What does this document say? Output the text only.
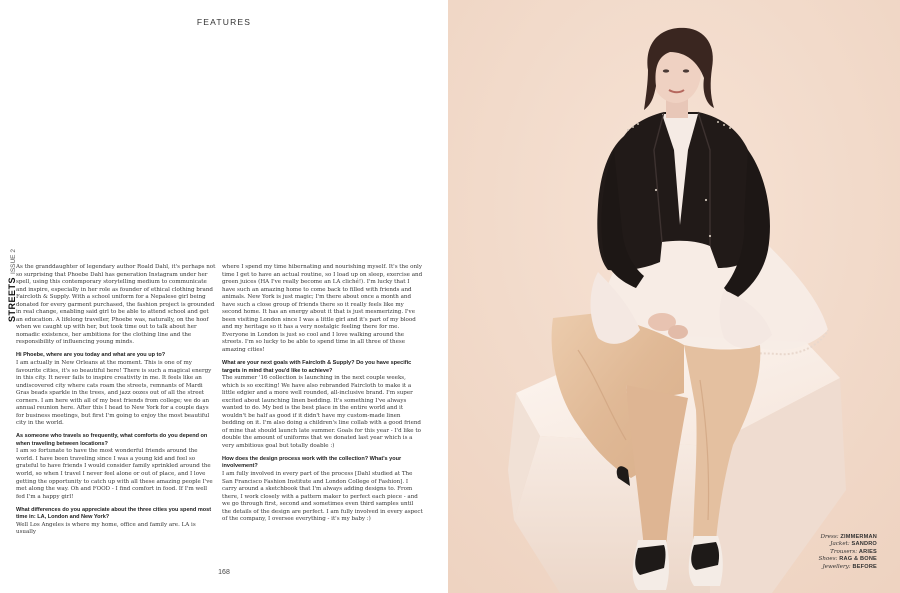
FEATURES
STREETSISSUE 2 As the granddaughter of legendary author Roald Dahl, it's perhaps not so surprising that Phoebe Dahl has generation Instagram under her spell, using this contemporary storytelling medium to communicate and inspire, especially in her role as founder of ethical clothing brand Faircloth & Supply. With a school uniform for a Nepalese girl being donated for every garment purchased, the fashion project is grounded in real change, enabling said girl to be able to attend school and get an education. A lifelong traveller, Phoebe was, naturally, on the hoof when we caught up with her, but took time out to talk about her nomadic existence, her ambitions for the clothing line and the responsibility of influencing young minds.

Hi Phoebe, where are you today and what are you up to?

I am actually in New Orleans at the moment. This is one of my favourite cities, it's so beautiful here! There is such a magical energy in this city. It never fails to inspire creativity in me. It feels like an undiscovered city where cats roam the streets, remnants of Mardi Gras beads sparkle in the trees, and jazz oozes out of all the street corners. I am here with all of my best friends from college; we do an annual reunion here. After this I head to New York for a couple days for business meetings, but first I'm going to enjoy the most beautiful city in the world.

As someone who travels so frequently, what comforts do you depend on when traveling between locations?

I am so fortunate to have the most wonderful friends around the world. I have been traveling since I was a young kid and feel so grateful to have friends I would consider family sprinkled around the world, so when I travel I never feel alone or out of place, and I love getting the opportunity to catch up with all these amazing people I've met along the way. Oh and FOOD - I find comfort in food. If I'm well fed I'm a happy girl!

What differences do you appreciate about the three cities you spend most time in: LA, London and New York?

Well Los Angeles is where my home, office and family are. LA is usually

where I spend my time hibernating and nourishing myself. It's the only time I get to have an actual routine, so I load up on sleep, exercise and green juices (HA I've really become an LA cliché!). I'm lucky that I have such an amazing home to come back to filled with friends and animals. New York is just magic; I'm there about once a month and have such a close group of friends there so it really feels like my second home. It has an energy about it that is just mesmerizing. I've been visiting London since I was a little girl and it's part of my blood and my heritage so it has a very nostalgic feeling there for me. Everyone in London is just so cool and I love walking around the streets. I'm so lucky to be able to spend time in all three of these amazing cities!

What are your next goals with Faircloth & Supply? Do you have specific targets in mind that you'd like to achieve?

The summer '16 collection is launching in the next couple weeks, which is so exciting! We have also rebranded Faircloth to make it a little edgier and a more well rounded, all-inclusive brand. I'm super excited about launching linen bedding. It's something I've always wanted to do. My bed is the best place in the entire world and it wouldn't be half as good if it didn't have my custom-made linen bedding on it. I'm also doing a children's line collab with a good friend of mine that should launch late summer. Goals for this year - I'd like to double the amount of uniforms that we donated last year which is a very ambitious goal but totally doable :)

How does the design process work with the collection? What's your involvement?

I am fully involved in every part of the process [Dahl studied at The San Francisco Fashion Institute and London College of Fashion]. I carry around a sketchbook that I'm always adding designs to. From there, I work closely with a pattern maker to perfect each piece - and we go through first, second and sometimes even third samples until the details of the design are perfect. I am fully involved in every aspect of the company, I oversee everything - it's my baby :)

168
Dress: ZIMMERMAN
Jacket: SANDRO
Trousers: ARIES
Shoes: RAG & BONE
Jewellery: BEFORE
